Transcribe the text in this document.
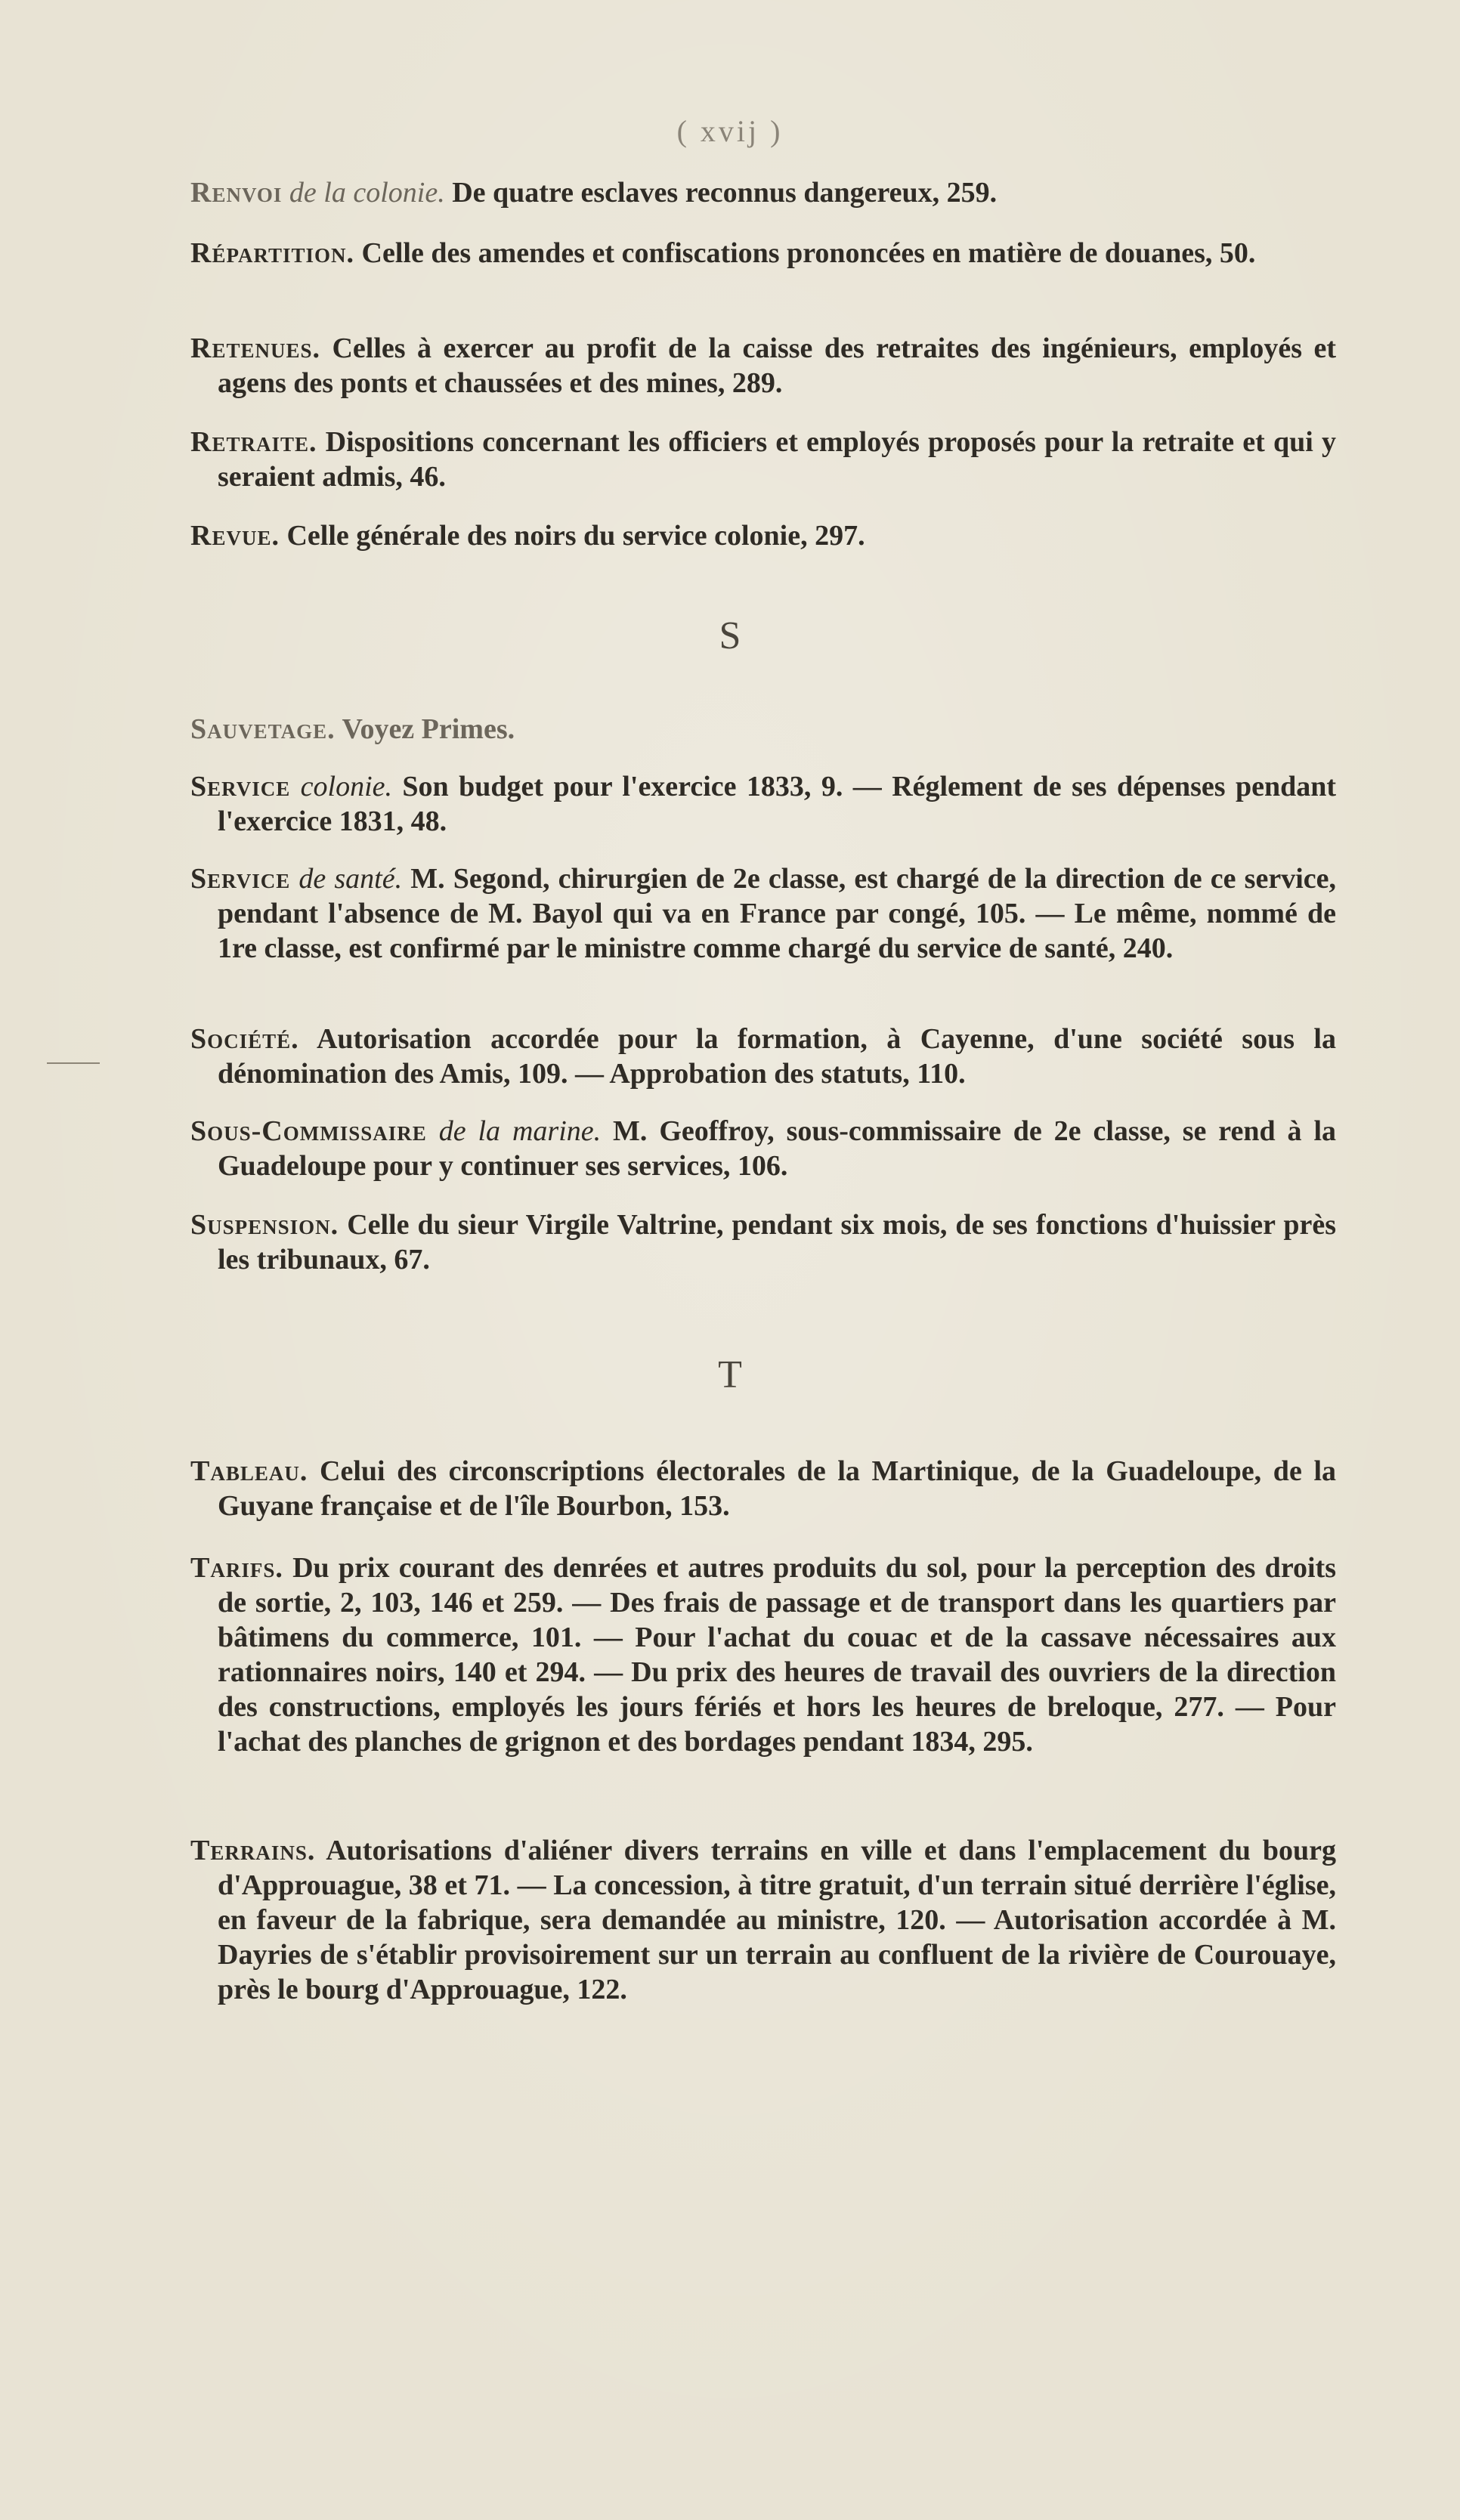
( xvij )
Renvoi de la colonie. De quatre esclaves reconnus dangereux, 259.
Répartition. Celle des amendes et confiscations prononcées en matière de douanes, 50.
Retenues. Celles à exercer au profit de la caisse des retraites des ingénieurs, employés et agens des ponts et chaussées et des mines, 289.
Retraite. Dispositions concernant les officiers et employés proposés pour la retraite et qui y seraient admis, 46.
Revue. Celle générale des noirs du service colonie, 297.
S
Sauvetage. Voyez Primes.
Service colonie. Son budget pour l'exercice 1833, 9. — Réglement de ses dépenses pendant l'exercice 1831, 48.
Service de santé. M. Segond, chirurgien de 2e classe, est chargé de la direction de ce service, pendant l'absence de M. Bayol qui va en France par congé, 105. — Le même, nommé de 1re classe, est confirmé par le ministre comme chargé du service de santé, 240.
Société. Autorisation accordée pour la formation, à Cayenne, d'une société sous la dénomination des Amis, 109. — Approbation des statuts, 110.
Sous-Commissaire de la marine. M. Geoffroy, sous-commissaire de 2e classe, se rend à la Guadeloupe pour y continuer ses services, 106.
Suspension. Celle du sieur Virgile Valtrine, pendant six mois, de ses fonctions d'huissier près les tribunaux, 67.
T
Tableau. Celui des circonscriptions électorales de la Martinique, de la Guadeloupe, de la Guyane française et de l'île Bourbon, 153.
Tarifs. Du prix courant des denrées et autres produits du sol, pour la perception des droits de sortie, 2, 103, 146 et 259. — Des frais de passage et de transport dans les quartiers par bâtimens du commerce, 101. — Pour l'achat du couac et de la cassave nécessaires aux rationnaires noirs, 140 et 294. — Du prix des heures de travail des ouvriers de la direction des constructions, employés les jours fériés et hors les heures de breloque, 277. — Pour l'achat des planches de grignon et des bordages pendant 1834, 295.
Terrains. Autorisations d'aliéner divers terrains en ville et dans l'emplacement du bourg d'Approuague, 38 et 71. — La concession, à titre gratuit, d'un terrain situé derrière l'église, en faveur de la fabrique, sera demandée au ministre, 120. — Autorisation accordée à M. Dayries de s'établir provisoirement sur un terrain au confluent de la rivière de Courouaye, près le bourg d'Approuague, 122.
